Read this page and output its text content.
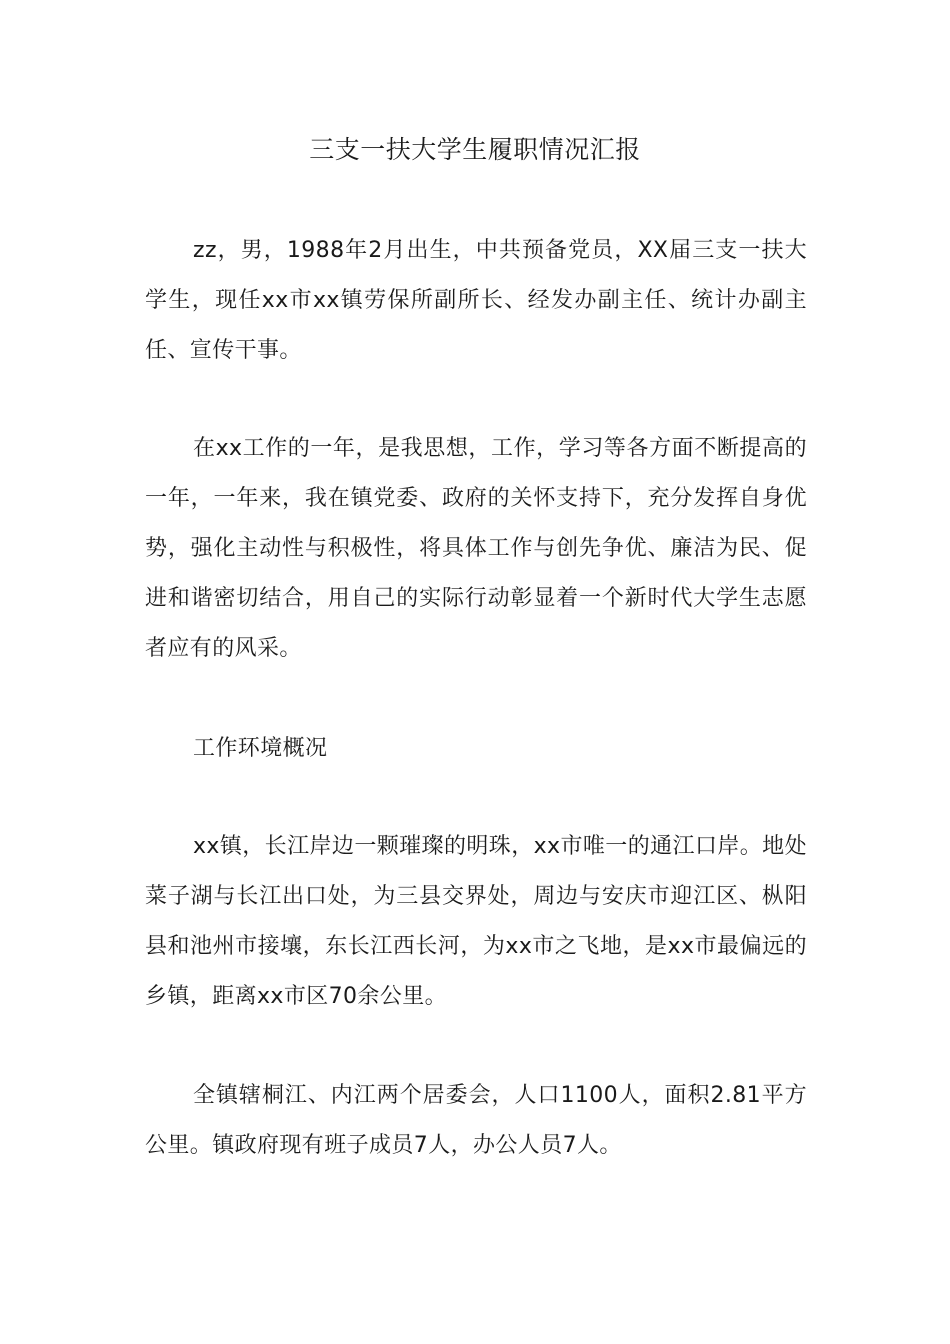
三支一扶大学生履职情况汇报

zz，男，1988年2月出生，中共预备党员，XX届三支一扶大学生，现任xx市xx镇劳保所副所长、经发办副主任、统计办副主任、宣传干事。

在xx工作的一年，是我思想，工作，学习等各方面不断提高的一年，一年来，我在镇党委、政府的关怀支持下，充分发挥自身优势，强化主动性与积极性，将具体工作与创先争优、廉洁为民、促进和谐密切结合，用自己的实际行动彰显着一个新时代大学生志愿者应有的风采。

工作环境概况

xx镇，长江岸边一颗璀璨的明珠，xx市唯一的通江口岸。地处菜子湖与长江出口处，为三县交界处，周边与安庆市迎江区、枞阳县和池州市接壤，东长江西长河，为xx市之飞地，是xx市最偏远的乡镇，距离xx市区70余公里。

全镇辖桐江、内江两个居委会，人口1100人，面积2.81平方公里。镇政府现有班子成员7人，办公人员7人。
